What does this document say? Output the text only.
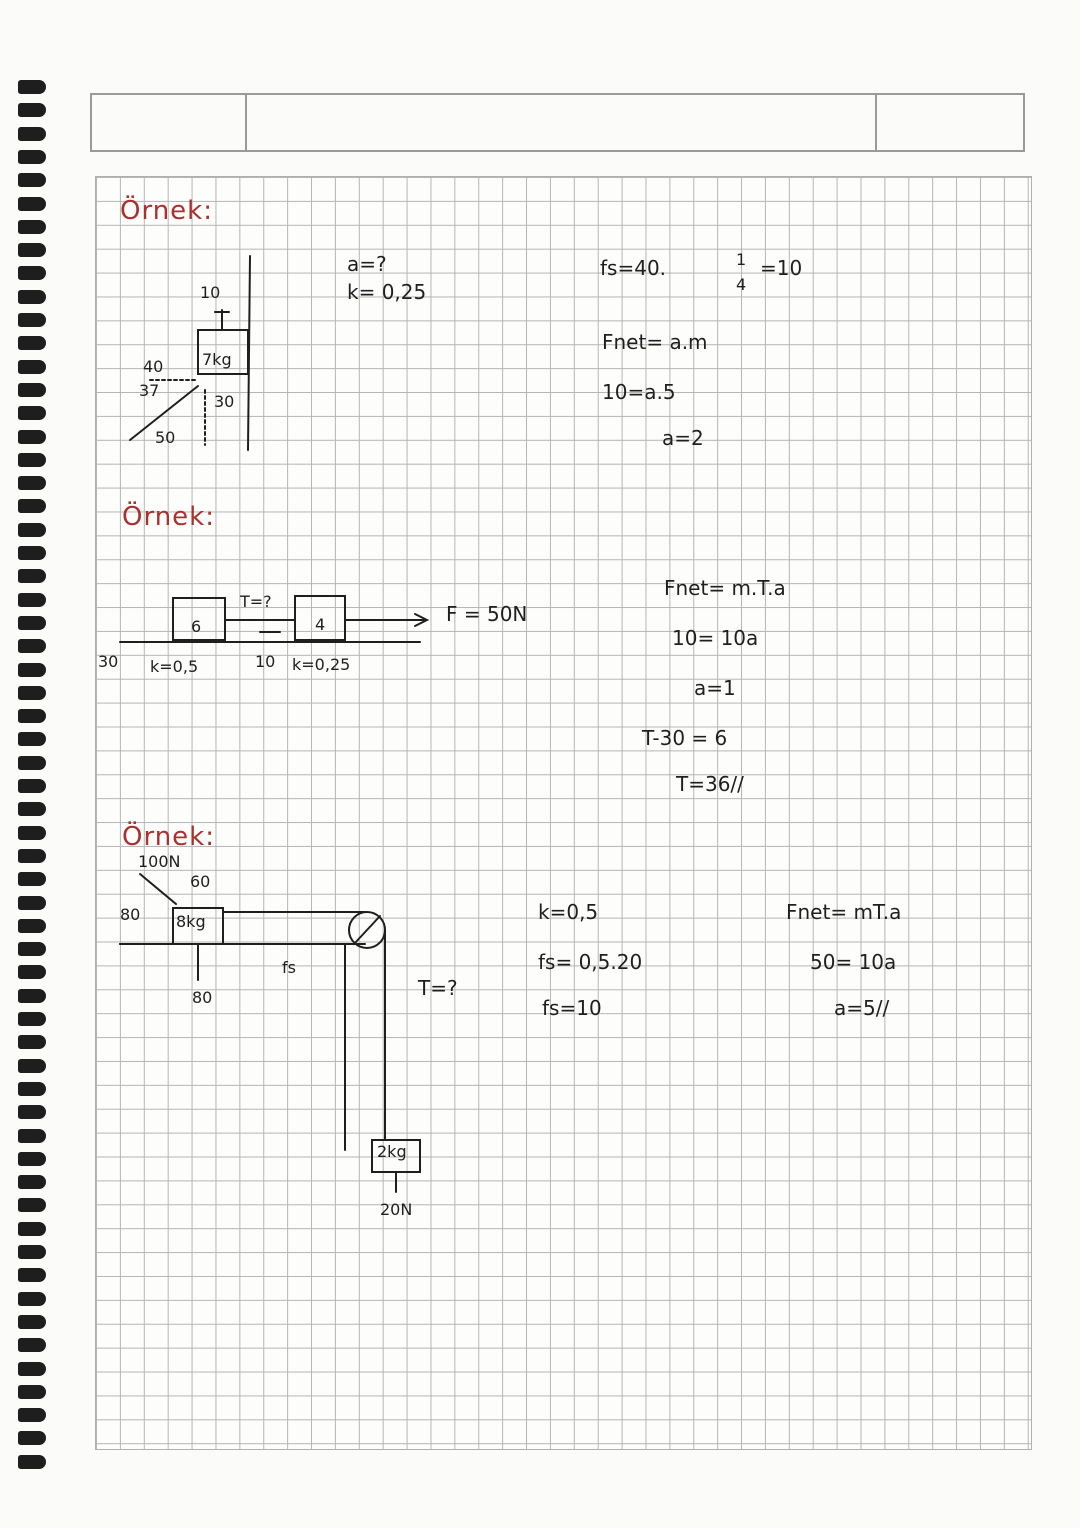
Örnek:
10
40
37
50
7kg
30
a=?
k= 0,25
fs=40.	1
4
=10
Fnet= a.m
10=a.5
a=2
Örnek:
T=?
6	4	F = 50N
30 k=0,5	10 k=0,25
Fnet= m.T.a
10= 10a
a=1
T-30 = 6
T=36//
Örnek:
100N
60
80 8kg
80
fs
T=?
2kg
20N
k=0,5
fs= 0,5.20
fs=10
Fnet= mT.a
50= 10a
a=5//
